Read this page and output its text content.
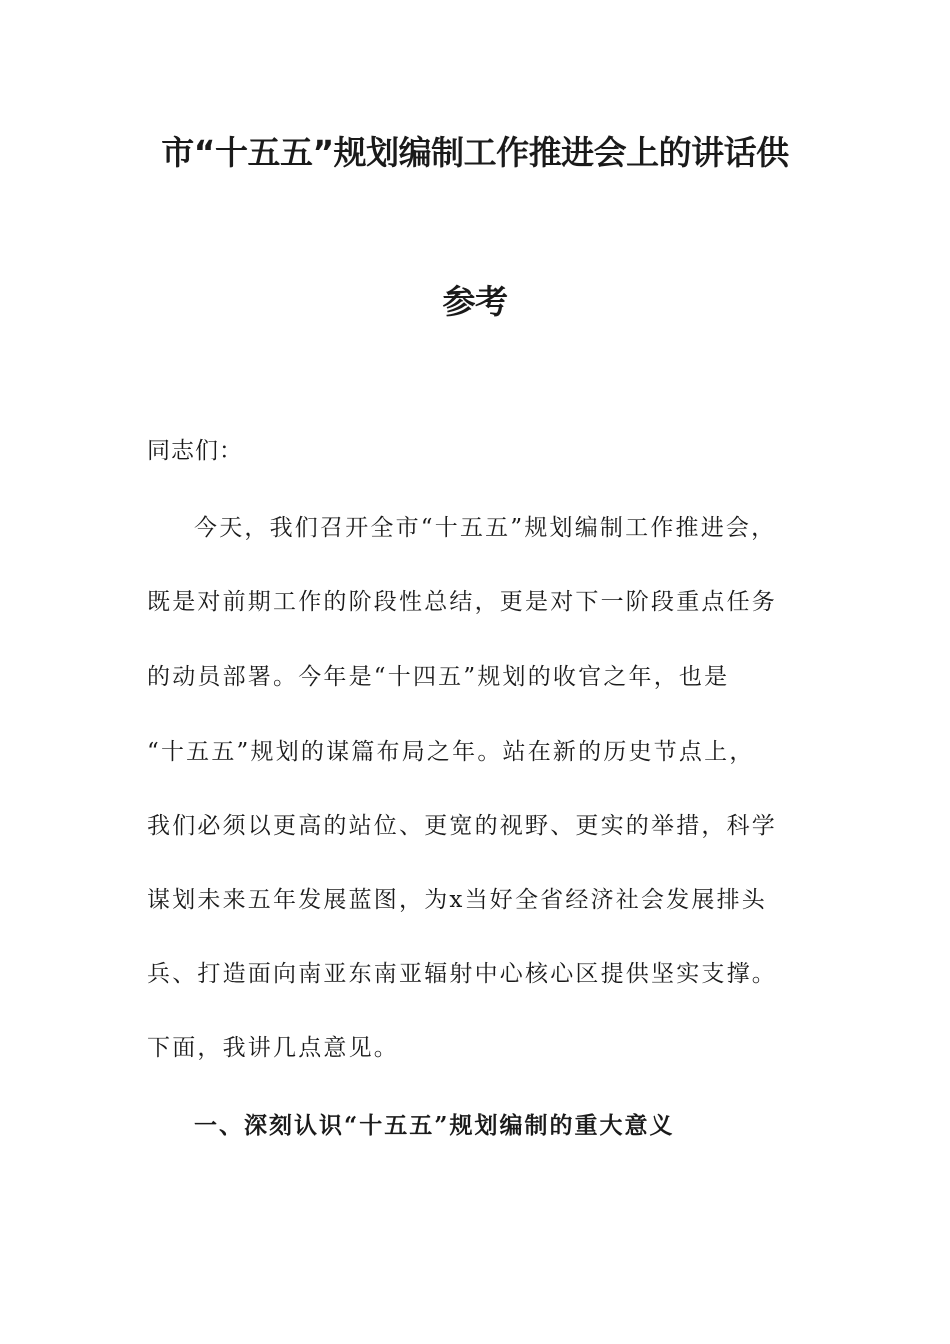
市“十五五”规划编制工作推进会上的讲话供
参考
同志们：
今天，我们召开全市“十五五”规划编制工作推进会，
既是对前期工作的阶段性总结，更是对下一阶段重点任务
的动员部署。今年是“十四五”规划的收官之年，也是
“十五五”规划的谋篇布局之年。站在新的历史节点上，
我们必须以更高的站位、更宽的视野、更实的举措，科学
谋划未来五年发展蓝图，为x当好全省经济社会发展排头
兵、打造面向南亚东南亚辐射中心核心区提供坚实支撑。
下面，我讲几点意见。
一、深刻认识“十五五”规划编制的重大意义
